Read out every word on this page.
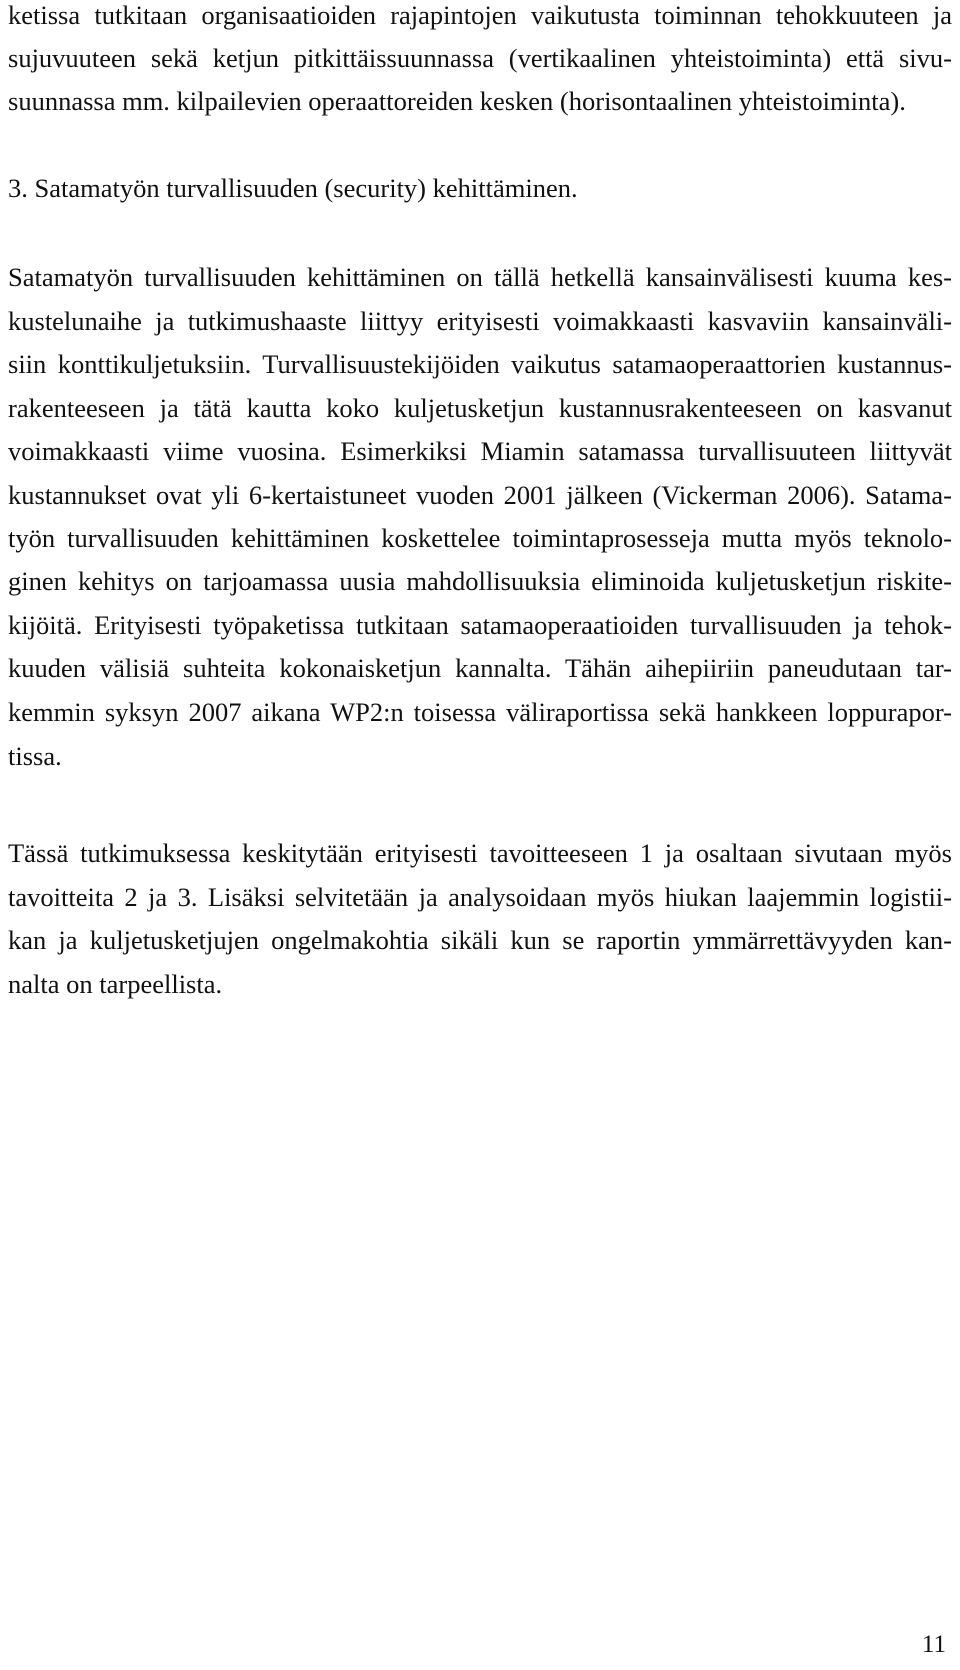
ketissa tutkitaan organisaatioiden rajapintojen vaikutusta toiminnan tehokkuuteen ja
sujuvuuteen sekä ketjun pitkittäissuunnassa (vertikaalinen yhteistoiminta) että sivu-
suunnassa mm. kilpailevien operaattoreiden kesken (horisontaalinen yhteistoiminta).
3. Satamatyön turvallisuuden (security) kehittäminen.
Satamatyön turvallisuuden kehittäminen on tällä hetkellä kansainvälisesti kuuma kes-
kustelunaihe ja tutkimushaaste liittyy erityisesti voimakkaasti kasvaviin kansainväli-
siin konttikuljetuksiin. Turvallisuustekijöiden vaikutus satamaoperaattorien kustannus-
rakenteeseen ja tätä kautta koko kuljetusketjun kustannusrakenteeseen on kasvanut
voimakkaasti viime vuosina. Esimerkiksi Miamin satamassa turvallisuuteen liittyvät
kustannukset ovat yli 6-kertaistuneet vuoden 2001 jälkeen (Vickerman 2006). Satama-
työn turvallisuuden kehittäminen koskettelee toimintaprosesseja mutta myös teknolo-
ginen kehitys on tarjoamassa uusia mahdollisuuksia eliminoida kuljetusketjun riskite-
kijöitä. Erityisesti työpaketissa tutkitaan satamaoperaatioiden turvallisuuden ja tehok-
kuuden välisiä suhteita kokonaisketjun kannalta. Tähän aihepiiriin paneudutaan tar-
kemmin syksyn 2007 aikana WP2:n toisessa väliraportissa sekä hankkeen loppurapor-
tissa.
Tässä tutkimuksessa keskitytään erityisesti tavoitteeseen 1 ja osaltaan sivutaan myös
tavoitteita 2 ja 3. Lisäksi selvitetään ja analysoidaan myös hiukan laajemmin logistii-
kan ja kuljetusketjujen ongelmakohtia sikäli kun se raportin ymmärrettävyyden kan-
nalta on tarpeellista.
11
